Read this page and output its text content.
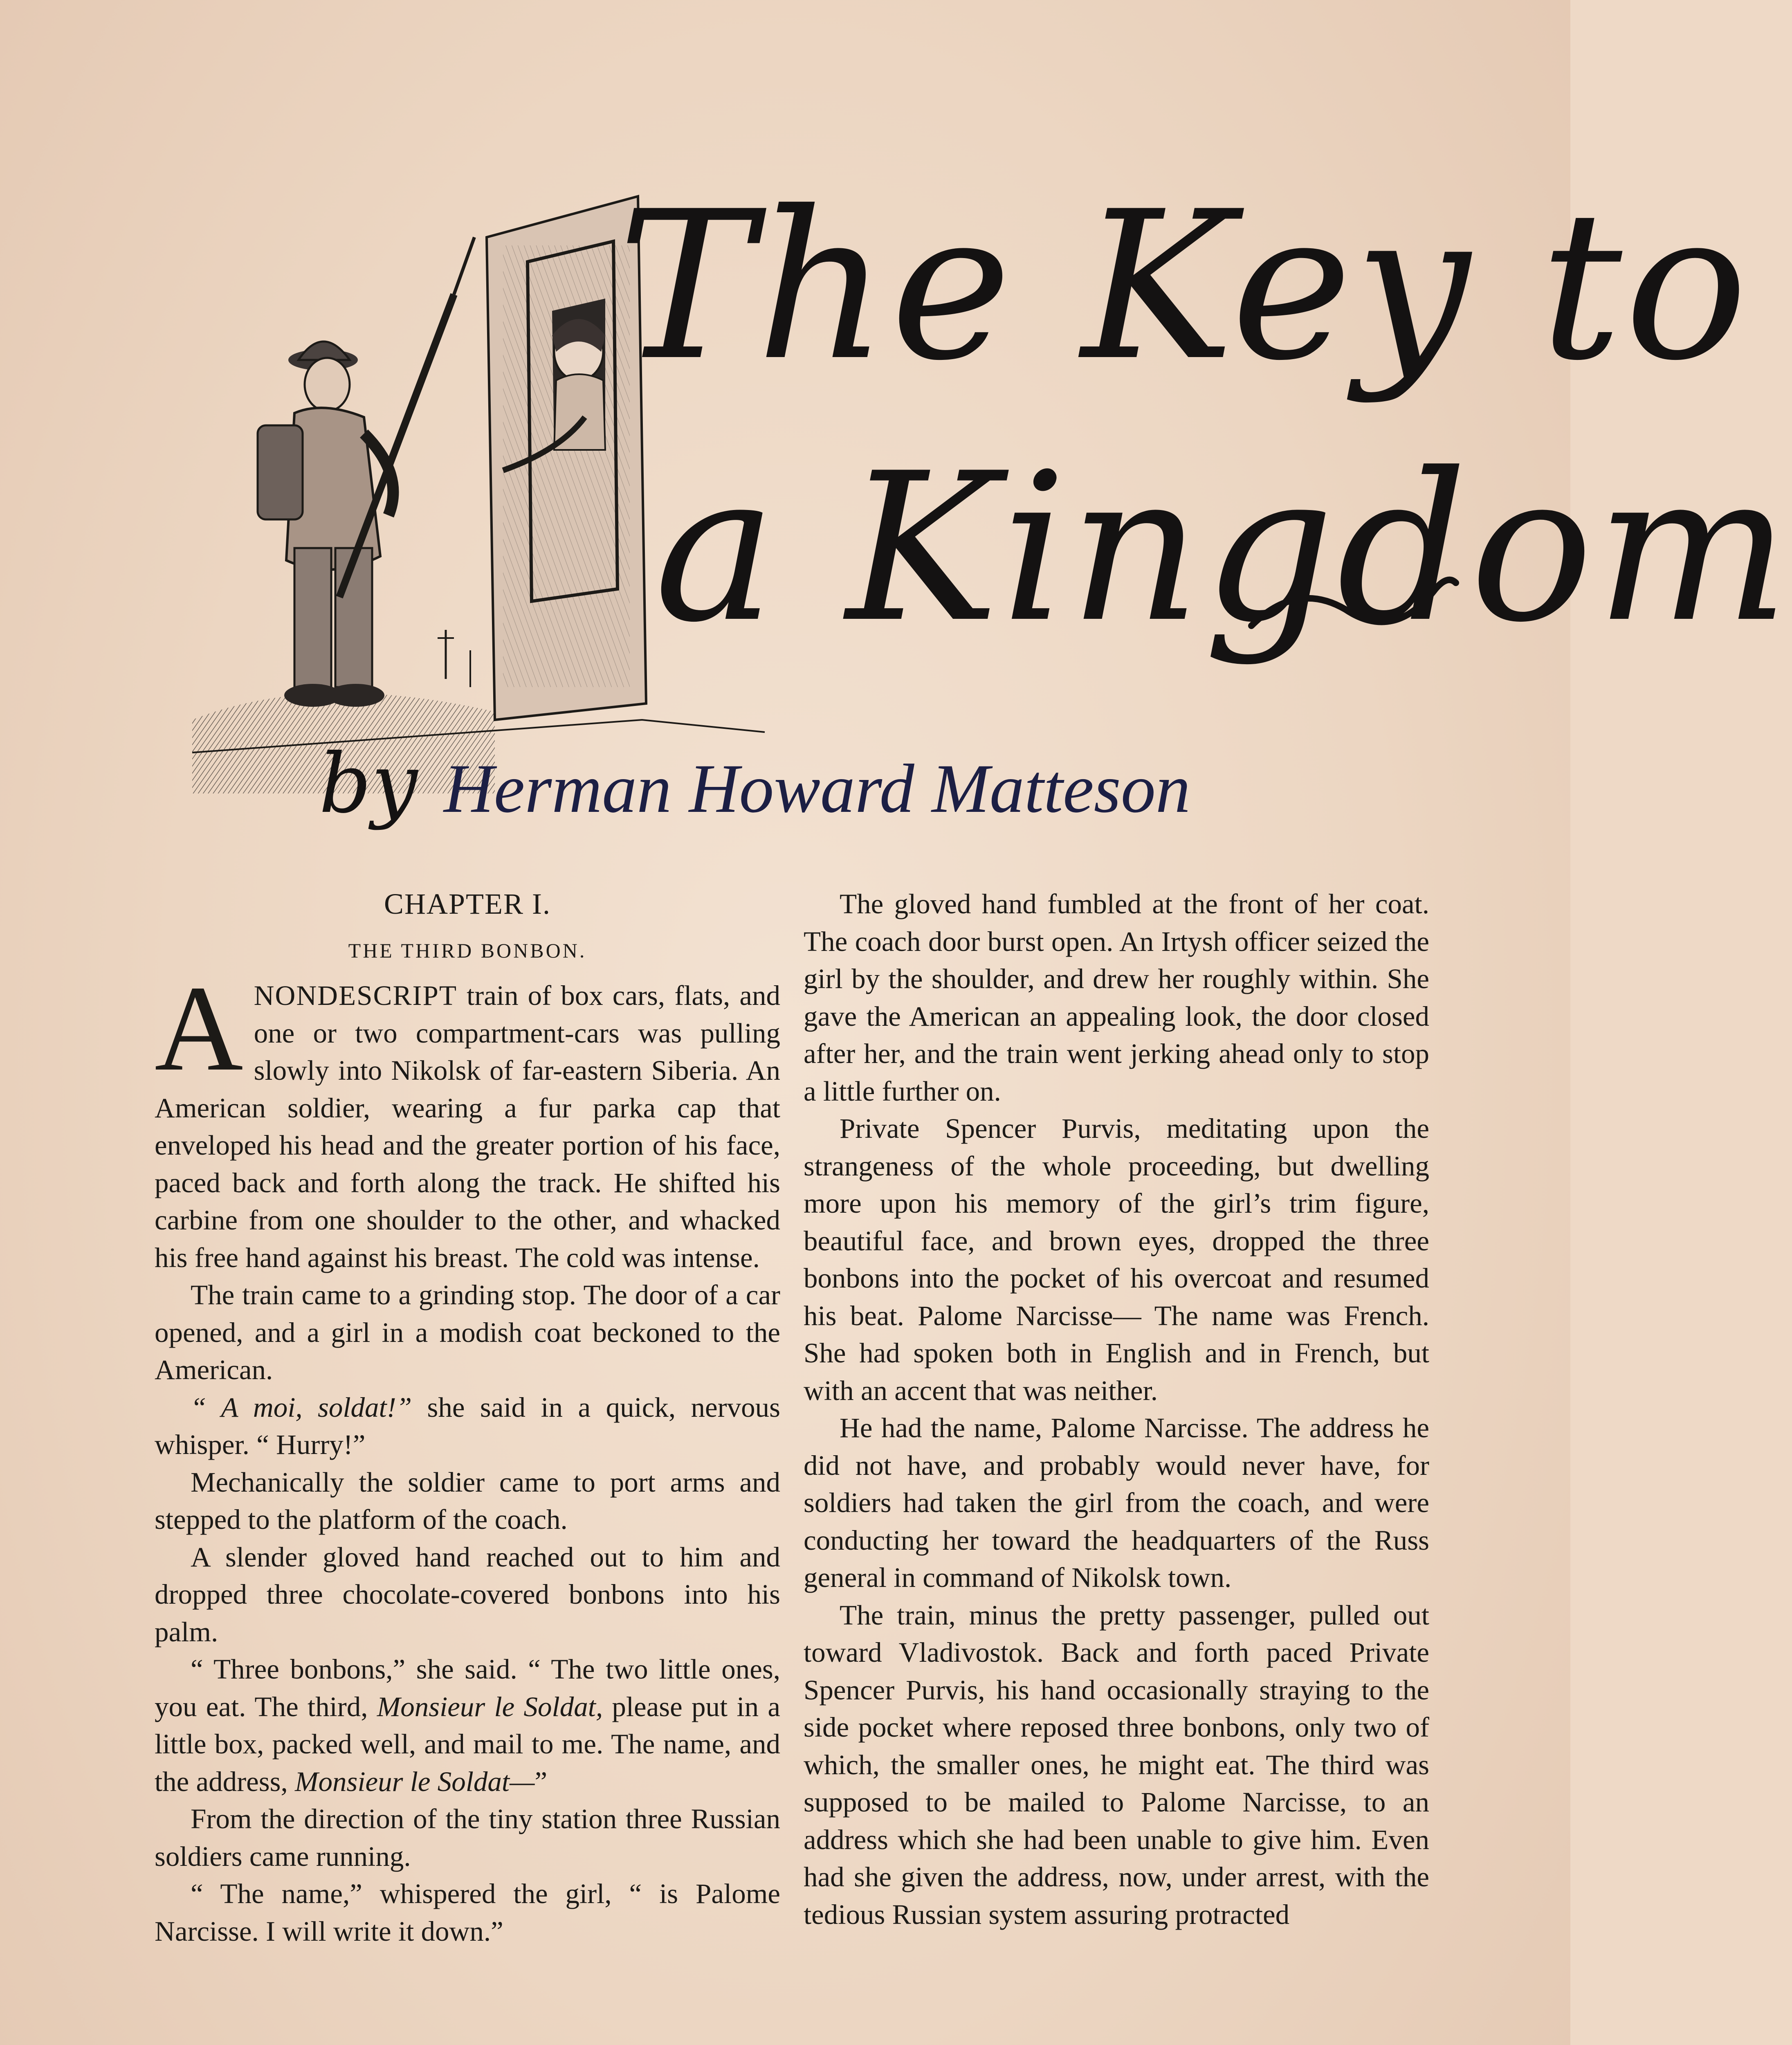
The Key to
a Kingdom
by Herman Howard Matteson
CHAPTER I.
THE THIRD BONBON.

ANONDESCRIPT train of box cars, flats, and one or two compartment-cars was pulling slowly into Nikolsk of far-eastern Siberia. An American soldier, wearing a fur parka cap that enveloped his head and the greater portion of his face, paced back and forth along the track. He shifted his carbine from one shoulder to the other, and whacked his free hand against his breast. The cold was intense.

The train came to a grinding stop. The door of a car opened, and a girl in a modish coat beckoned to the American.

“ A moi, soldat!” she said in a quick, nervous whisper. “ Hurry!”

Mechanically the soldier came to port arms and stepped to the platform of the coach.

A slender gloved hand reached out to him and dropped three chocolate-covered bonbons into his palm.

“ Three bonbons,” she said. “ The two little ones, you eat. The third, Monsieur le Soldat, please put in a little box, packed well, and mail to me. The name, and the address, Monsieur le Soldat—”

From the direction of the tiny station three Russian soldiers came running.

“ The name,” whispered the girl, “ is Palome Narcisse. I will write it down.”

The gloved hand fumbled at the front of her coat. The coach door burst open. An Irtysh officer seized the girl by the shoulder, and drew her roughly within. She gave the American an appealing look, the door closed after her, and the train went jerking ahead only to stop a little further on.

Private Spencer Purvis, meditating upon the strangeness of the whole proceeding, but dwelling more upon his memory of the girl’s trim figure, beautiful face, and brown eyes, dropped the three bonbons into the pocket of his overcoat and resumed his beat. Palome Narcisse— The name was French. She had spoken both in English and in French, but with an accent that was neither.

He had the name, Palome Narcisse. The address he did not have, and probably would never have, for soldiers had taken the girl from the coach, and were conducting her toward the headquarters of the Russ general in command of Nikolsk town.

The train, minus the pretty passenger, pulled out toward Vladivostok. Back and forth paced Private Spencer Purvis, his hand occasionally straying to the side pocket where reposed three bonbons, only two of which, the smaller ones, he might eat. The third was supposed to be mailed to Palome Narcisse, to an address which she had been unable to give him. Even had she given the address, now, under arrest, with the tedious Russian system assuring protracted
